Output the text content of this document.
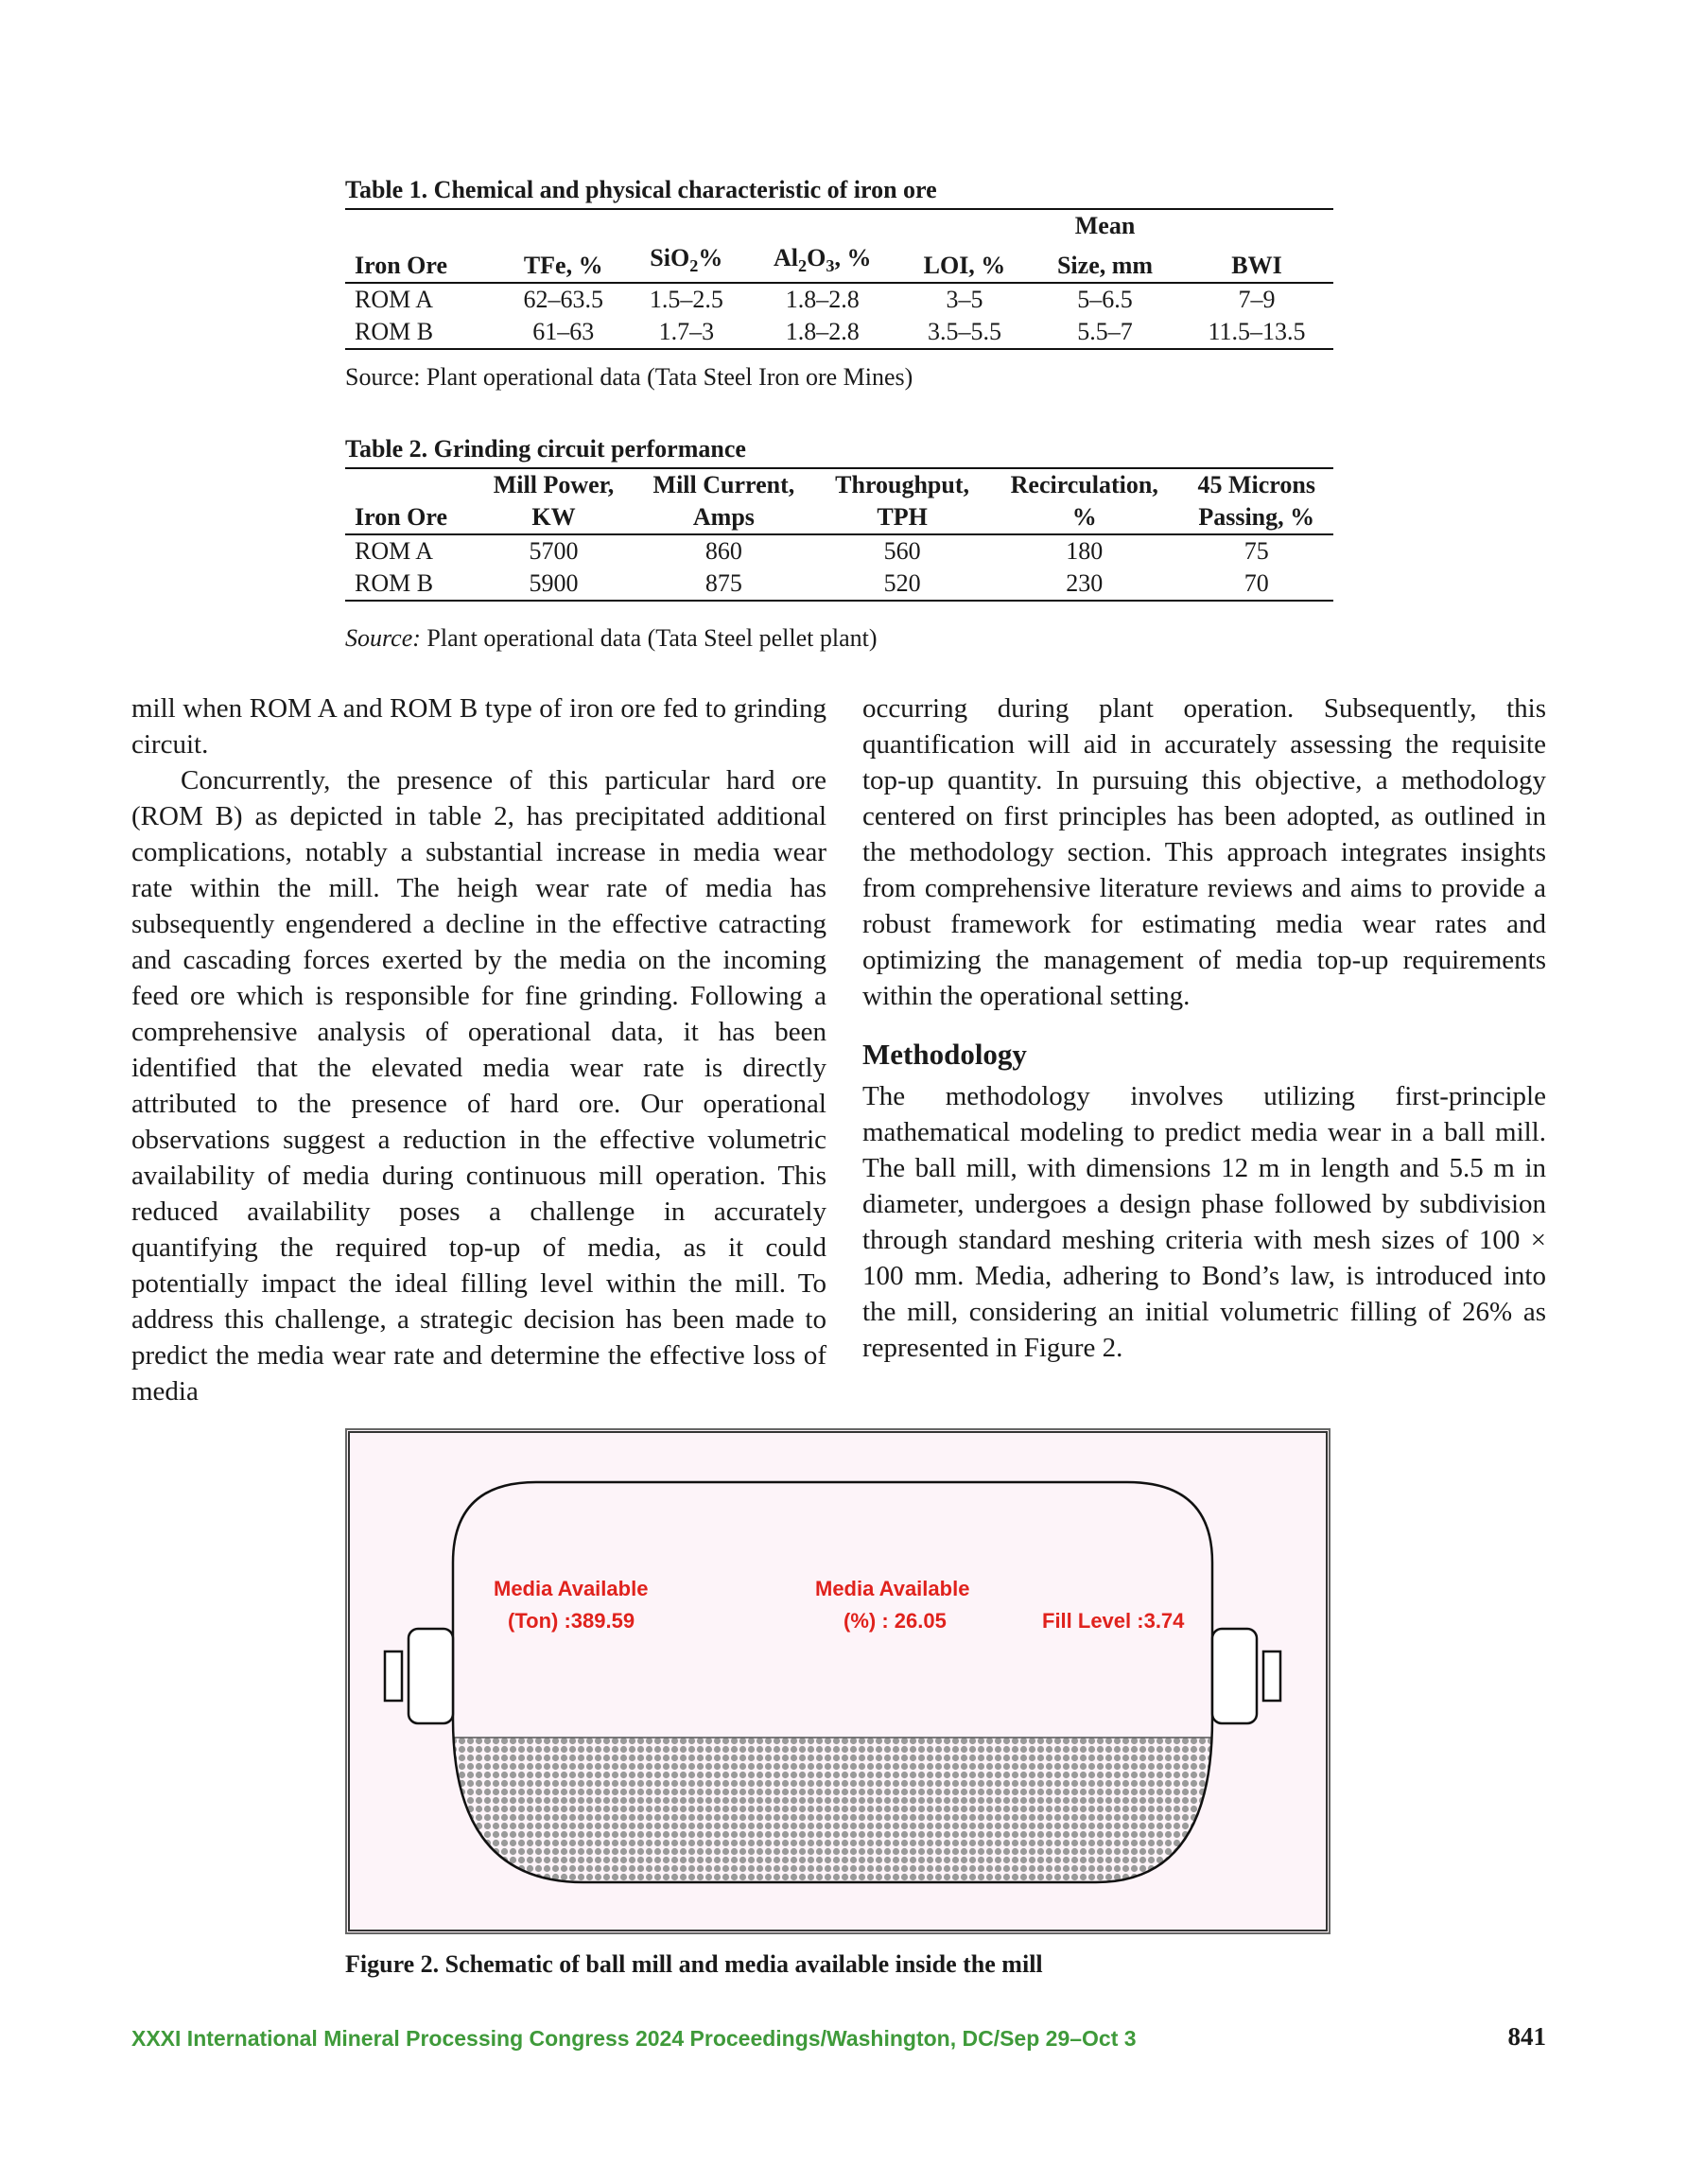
Table 1. Chemical and physical characteristic of iron ore
					Mean	
Iron Ore	TFe, %	SiO$_2$%	$Al_2O_3$, %	LOI, %	Size, mm	BWI
ROM A	62–63.5	1.5–2.5	1.8–2.8	3–5	5–6.5	7–9
ROM B	61–63	1.7–3	1.8–2.8	3.5–5.5	5.5–7	11.5–13.5
Source: Plant operational data (Tata Steel Iron ore Mines)
Table 2. Grinding circuit performance
	Mill Power,	Mill Current,	Throughput,	Recirculation,	45 Microns
Iron Ore	KW	Amps	TPH	%	Passing, %
ROM A	5700	860	560	180	75
ROM B	5900	875	520	230	70
Source: Plant operational data (Tata Steel pellet plant)

mill when ROM A and ROM B type of iron ore fed to grinding circuit.

Concurrently, the presence of this particular hard ore (ROM B) as depicted in table 2, has precipitated additional complications, notably a substantial increase in media wear rate within the mill. The heigh wear rate of media has subsequently engendered a decline in the effective catracting and cascading forces exerted by the media on the incoming feed ore which is responsible for fine grinding. Following a comprehensive analysis of operational data, it has been identified that the elevated media wear rate is directly attributed to the presence of hard ore. Our operational observations suggest a reduction in the effective volumetric availability of media during continuous mill operation. This reduced availability poses a challenge in accurately quantifying the required top-up of media, as it could potentially impact the ideal filling level within the mill. To address this challenge, a strategic decision has been made to predict the media wear rate and determine the effective loss of media

occurring during plant operation. Subsequently, this quantification will aid in accurately assessing the requisite top-up quantity. In pursuing this objective, a methodology centered on first principles has been adopted, as outlined in the methodology section. This approach integrates insights from comprehensive literature reviews and aims to provide a robust framework for estimating media wear rates and optimizing the management of media top-up requirements within the operational setting.

Methodology

The methodology involves utilizing first-principle mathematical modeling to predict media wear in a ball mill. The ball mill, with dimensions 12 m in length and 5.5 m in diameter, undergoes a design phase followed by subdivision through standard meshing criteria with mesh sizes of 100 × 100 mm. Media, adhering to Bond’s law, is introduced into the mill, considering an initial volumetric filling of 26% as represented in Figure 2.

Media Available
(Ton) :389.59
Media Available
(%) : 26.05	Fill Level :3.74
Figure 2. Schematic of ball mill and media available inside the mill
XXXI International Mineral Processing Congress 2024 Proceedings/Washington, DC/Sep 29–Oct 3	841
